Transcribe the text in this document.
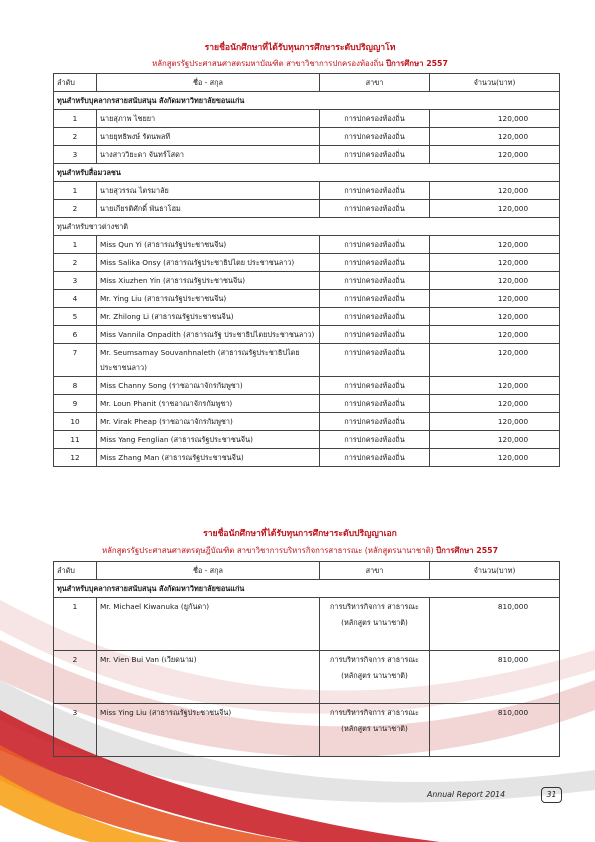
รายชื่อนักศึกษาที่ได้รับทุนการศึกษาระดับปริญญาโท
หลักสูตรรัฐประศาสนศาสตรมหาบัณฑิต สาขาวิชาการปกครองท้องถิ่น ปีการศึกษา 2557
ลำดับ	ชื่อ - สกุล	สาขา	จำนวน(บาท)
ทุนสำหรับบุคลากรสายสนับสนุน สังกัดมหาวิทยาลัยขอนแก่น			
1	นายสุภาพ ไชยยา	การปกครองท้องถิ่น	120,000
2	นายยุทธิพงษ์ รัตนพลที	การปกครองท้องถิ่น	120,000
3	นางสาววิยะดา จันทร์โสดา	การปกครองท้องถิ่น	120,000
ทุนสำหรับสื่อมวลชน			
1	นายสุวรรณ ไตรมาลัย	การปกครองท้องถิ่น	120,000
2	นายเกียรติศักดิ์ พันธาโฮม	การปกครองท้องถิ่น	120,000
ทุนสำหรับชาวต่างชาติ			
1	Miss Qun Yi (สาธารณรัฐประชาชนจีน)	การปกครองท้องถิ่น	120,000
2	Miss Salika Onsy (สาธารณรัฐประชาธิปไตย ประชาชนลาว)	การปกครองท้องถิ่น	120,000
3	Miss Xiuzhen Yin (สาธารณรัฐประชาชนจีน)	การปกครองท้องถิ่น	120,000
4	Mr. Ying Liu (สาธารณรัฐประชาชนจีน)	การปกครองท้องถิ่น	120,000
5	Mr. Zhilong Li (สาธารณรัฐประชาชนจีน)	การปกครองท้องถิ่น	120,000
6	Miss Vannila Onpadith (สาธารณรัฐ ประชาธิปไตยประชาชนลาว)	การปกครองท้องถิ่น	120,000
7	Mr. Seumsamay Souvanhnaleth (สาธารณรัฐประชาธิปไตยประชาชนลาว)	การปกครองท้องถิ่น	120,000
8	Miss Channy Song (ราชอาณาจักรกัมพูชา)	การปกครองท้องถิ่น	120,000
9	Mr. Loun Phanit (ราชอาณาจักรกัมพูชา)	การปกครองท้องถิ่น	120,000
10	Mr. Virak Pheap (ราชอาณาจักรกัมพูชา)	การปกครองท้องถิ่น	120,000
11	Miss Yang Fenglian (สาธารณรัฐประชาชนจีน)	การปกครองท้องถิ่น	120,000
12	Miss Zhang Man (สาธารณรัฐประชาชนจีน)	การปกครองท้องถิ่น	120,000
รายชื่อนักศึกษาที่ได้รับทุนการศึกษาระดับปริญญาเอก
หลักสูตรรัฐประศาสนศาสตรดุษฎีบัณฑิต สาขาวิชาการบริหารกิจการสาธารณะ (หลักสูตรนานาชาติ) ปีการศึกษา 2557
ลำดับ	ชื่อ - สกุล	สาขา	จำนวน(บาท)
ทุนสำหรับบุคลากรสายสนับสนุน สังกัดมหาวิทยาลัยขอนแก่น			
1	Mr. Michael Kiwanuka (ยูกันดา)	การบริหารกิจการ สาธารณะ (หลักสูตร นานาชาติ)	810,000
2	Mr. Vien Bui Van (เวียดนาม)	การบริหารกิจการ สาธารณะ (หลักสูตร นานาชาติ)	810,000
3	Miss Ying Liu (สาธารณรัฐประชาชนจีน)	การบริหารกิจการ สาธารณะ (หลักสูตร นานาชาติ)	810,000
Annual Report 2014	31
